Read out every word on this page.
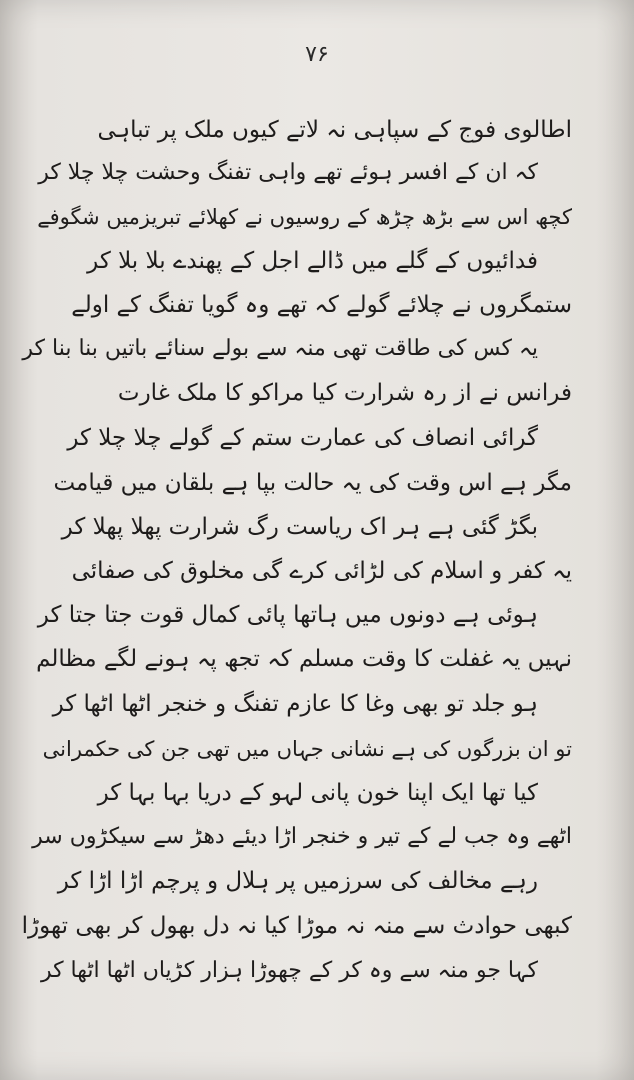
۷۶
اطالوی فوج کے سپاہی نہ لاتے کیوں ملک پر تباہی
کہ ان کے افسر ہوئے تھے واہی تفنگ وحشت چلا چلا کر
کچھ اس سے بڑھ چڑھ کے روسیوں نے کھلائے تبریزمیں شگوفے
فدائیوں کے گلے میں ڈالے اجل کے پھندے بلا بلا کر
ستمگروں نے چلائے گولے کہ تھے وہ گویا تفنگ کے اولے
یہ کس کی طاقت تھی منہ سے بولے سنائے باتیں بنا بنا کر
فرانس نے از رہ شرارت کیا مراکو کا ملک غارت
گرائی انصاف کی عمارت ستم کے گولے چلا چلا کر
مگر ہے اس وقت کی یہ حالت بپا ہے بلقان میں قیامت
بگڑ گئی ہے ہر اک ریاست رگ شرارت پھلا پھلا کر
یہ کفر و اسلام کی لڑائی کرے گی مخلوق کی صفائی
ہوئی ہے دونوں میں ہاتھا پائی کمال قوت جتا جتا کر
نہیں یہ غفلت کا وقت مسلم کہ تجھ پہ ہونے لگے مظالم
ہو جلد تو بھی وغا کا عازم تفنگ و خنجر اٹھا اٹھا کر
تو ان بزرگوں کی ہے نشانی جہاں میں تھی جن کی حکمرانی
کیا تھا ایک اپنا خون پانی لہو کے دریا بہا بہا کر
اٹھے وہ جب لے کے تیر و خنجر اڑا دیئے دھڑ سے سیکڑوں سر
رہے مخالف کی سرزمیں پر ہلال و پرچم اڑا اڑا کر
کبھی حوادث سے منہ نہ موڑا کیا نہ دل بھول کر بھی تھوڑا
کہا جو منہ سے وہ کر کے چھوڑا ہزار کڑیاں اٹھا اٹھا کر
